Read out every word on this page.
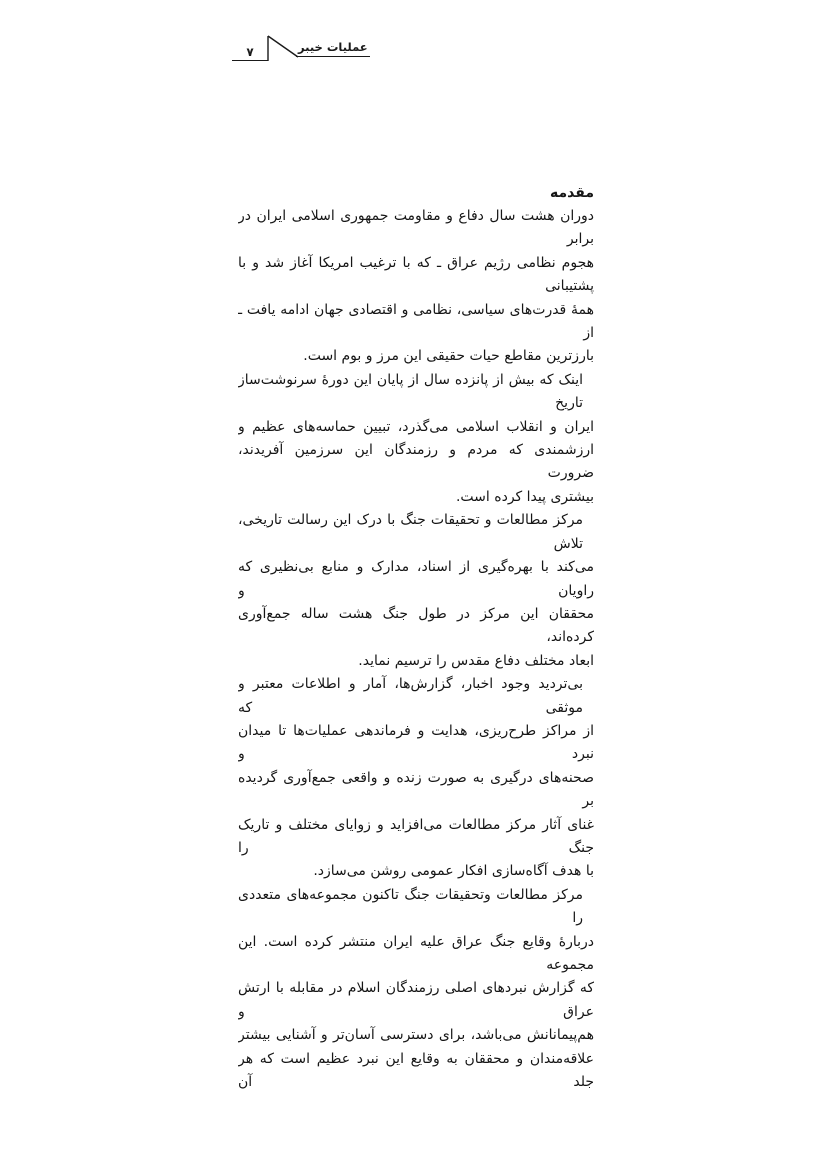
۷	عملیات خیبر
مقدمه
دوران هشت سال دفاع و مقاومت جمهوری اسلامی ایران در برابر
هجوم نظامی رژیم عراق ـ که با ترغیب امریکا آغاز شد و با پشتیبانی
همهٔ قدرت‌های سیاسی، نظامی و اقتصادی جهان ادامه یافت ـ از
بارزترین مقاطع حیات حقیقی این مرز و بوم است.
اینک که بیش از پانزده سال از پایان این دورهٔ سرنوشت‌ساز تاریخ
ایران و انقلاب اسلامی می‌گذرد، تبیین حماسه‌های عظیم و
ارزشمندی که مردم و رزمندگان این سرزمین آفریدند، ضرورت
بیشتری پیدا کرده است.
مرکز مطالعات و تحقیقات جنگ با درک این رسالت تاریخی، تلاش
می‌کند با بهره‌گیری از اسناد، مدارک و منابع بی‌نظیری که راویان و
محققان این مرکز در طول جنگ هشت ساله جمع‌آوری کرده‌اند،
ابعاد مختلف دفاع مقدس را ترسیم نماید.
بی‌تردید وجود اخبار، گزارش‌ها، آمار و اطلاعات معتبر و موثقی که
از مراکز طرح‌ریزی، هدایت و فرماندهی عملیات‌ها تا میدان نبرد و
صحنه‌های درگیری به صورت زنده و واقعی جمع‌آوری گردیده بر
غنای آثار مرکز مطالعات می‌افزاید و زوایای مختلف و تاریک جنگ را
با هدف آگاه‌سازی افکار عمومی روشن می‌سازد.
مرکز مطالعات وتحقیقات جنگ تاکنون مجموعه‌های متعددی را
دربارهٔ وقایع جنگ عراق علیه ایران منتشر کرده است. این مجموعه
که گزارش نبردهای اصلی رزمندگان اسلام در مقابله با ارتش عراق و
هم‌پیمانانش می‌باشد، برای دسترسی آسان‌تر و آشنایی بیشتر
علاقه‌مندان و محققان به وقایع این نبرد عظیم است که هر جلد آن
